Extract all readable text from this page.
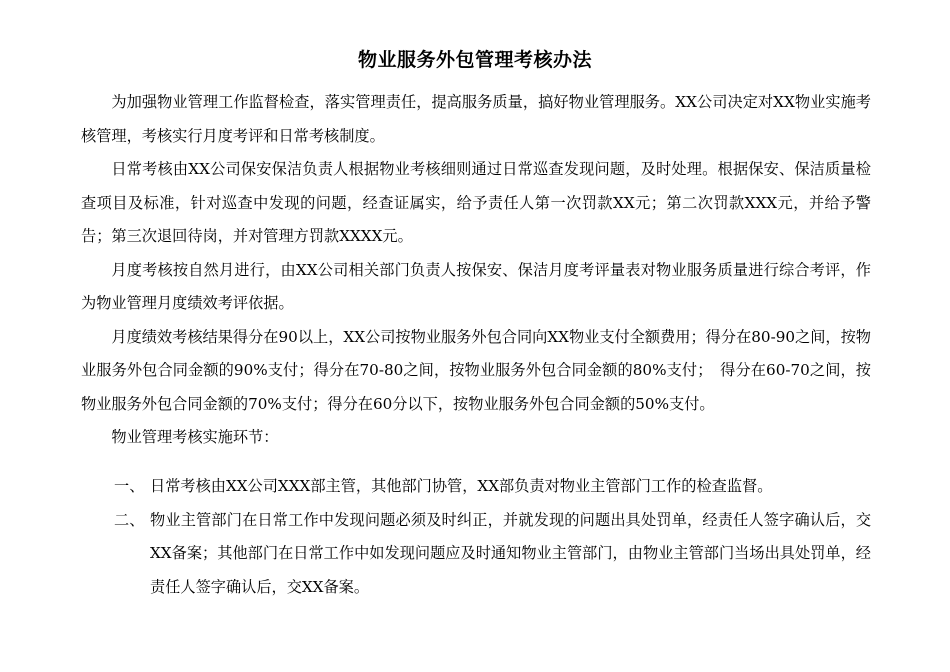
物业服务外包管理考核办法

为加强物业管理工作监督检查，落实管理责任，提高服务质量，搞好物业管理服务。XX公司决定对XX物业实施考核管理，考核实行月度考评和日常考核制度。

日常考核由XX公司保安保洁负责人根据物业考核细则通过日常巡查发现问题，及时处理。根据保安、保洁质量检查项目及标准，针对巡查中发现的问题，经查证属实，给予责任人第一次罚款XX元；第二次罚款XXX元，并给予警告；第三次退回待岗，并对管理方罚款XXXX元。

月度考核按自然月进行，由XX公司相关部门负责人按保安、保洁月度考评量表对物业服务质量进行综合考评，作为物业管理月度绩效考评依据。

月度绩效考核结果得分在90以上，XX公司按物业服务外包合同向XX物业支付全额费用；得分在80-90之间，按物业服务外包合同金额的90%支付；得分在70-80之间，按物业服务外包合同金额的80%支付；　得分在60-70之间，按物业服务外包合同金额的70%支付；得分在60分以下，按物业服务外包合同金额的50%支付。

物业管理考核实施环节：

一、 日常考核由XX公司XXX部主管，其他部门协管，XX部负责对物业主管部门工作的检查监督。
二、 物业主管部门在日常工作中发现问题必须及时纠正，并就发现的问题出具处罚单，经责任人签字确认后，交XX备案；其他部门在日常工作中如发现问题应及时通知物业主管部门，由物业主管部门当场出具处罚单，经责任人签字确认后，交XX备案。
